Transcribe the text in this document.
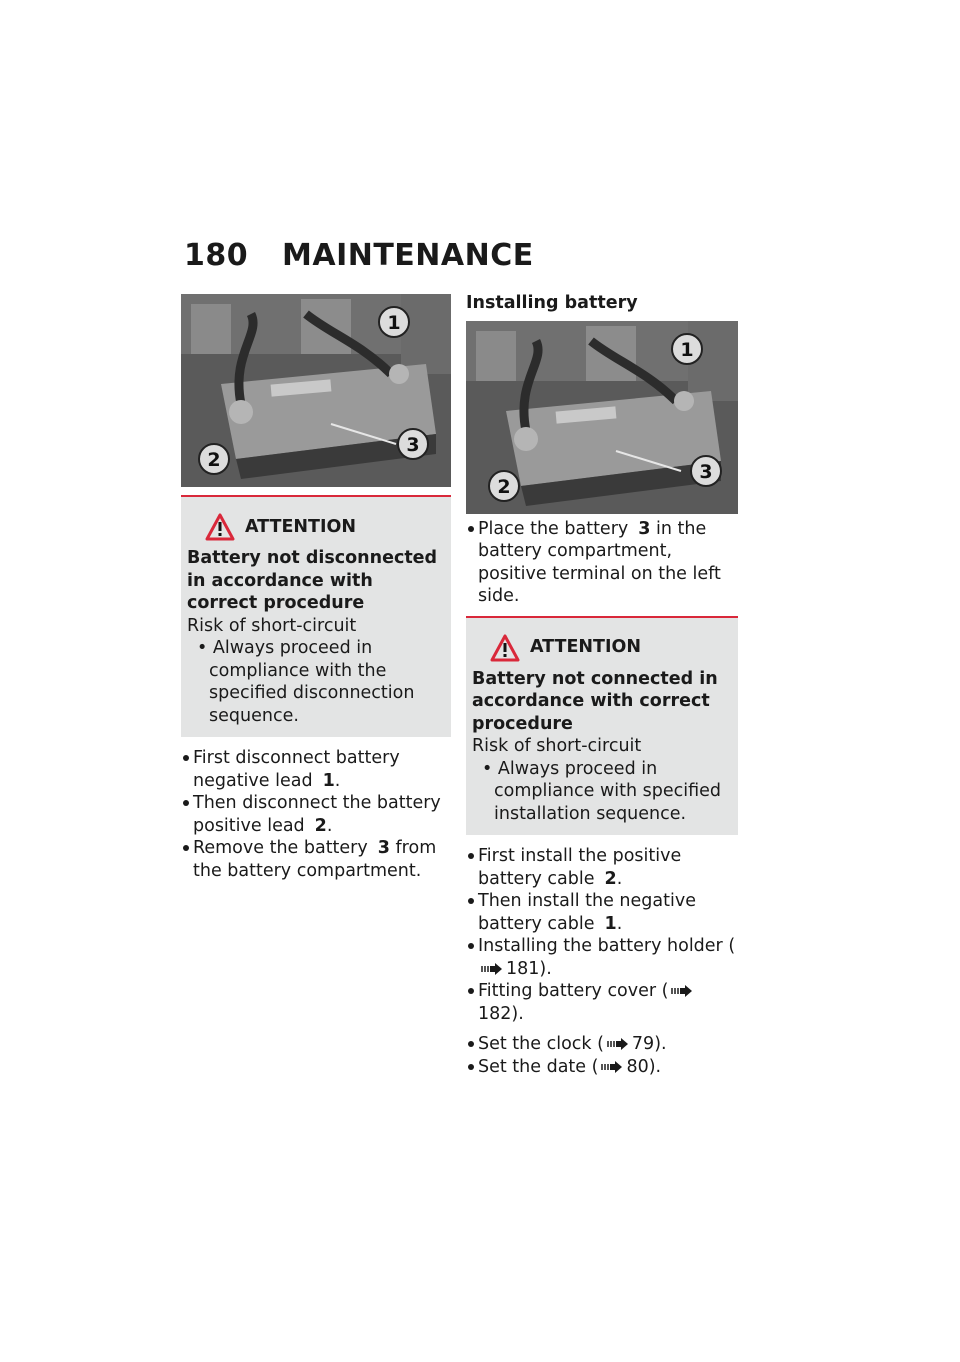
180 MAINTENANCE
1
2
3
ATTENTION
Battery not disconnected in accordance with correct procedure
Risk of short-circuit
• Always proceed in compliance with the specified disconnection sequence.
First disconnect battery negative lead 1.
Then disconnect the battery positive lead 2.
Remove the battery 3 from the battery compartment.
Installing battery
1
2
3
Place the battery 3 in the battery compartment, positive terminal on the left side.
ATTENTION
Battery not connected in accordance with correct procedure
Risk of short-circuit
• Always proceed in compliance with specified installation sequence.
First install the positive battery cable 2.
Then install the negative battery cable 1.
Installing the battery holder (181).
Fitting battery cover (182).
Set the clock ( 79).
Set the date ( 80).
